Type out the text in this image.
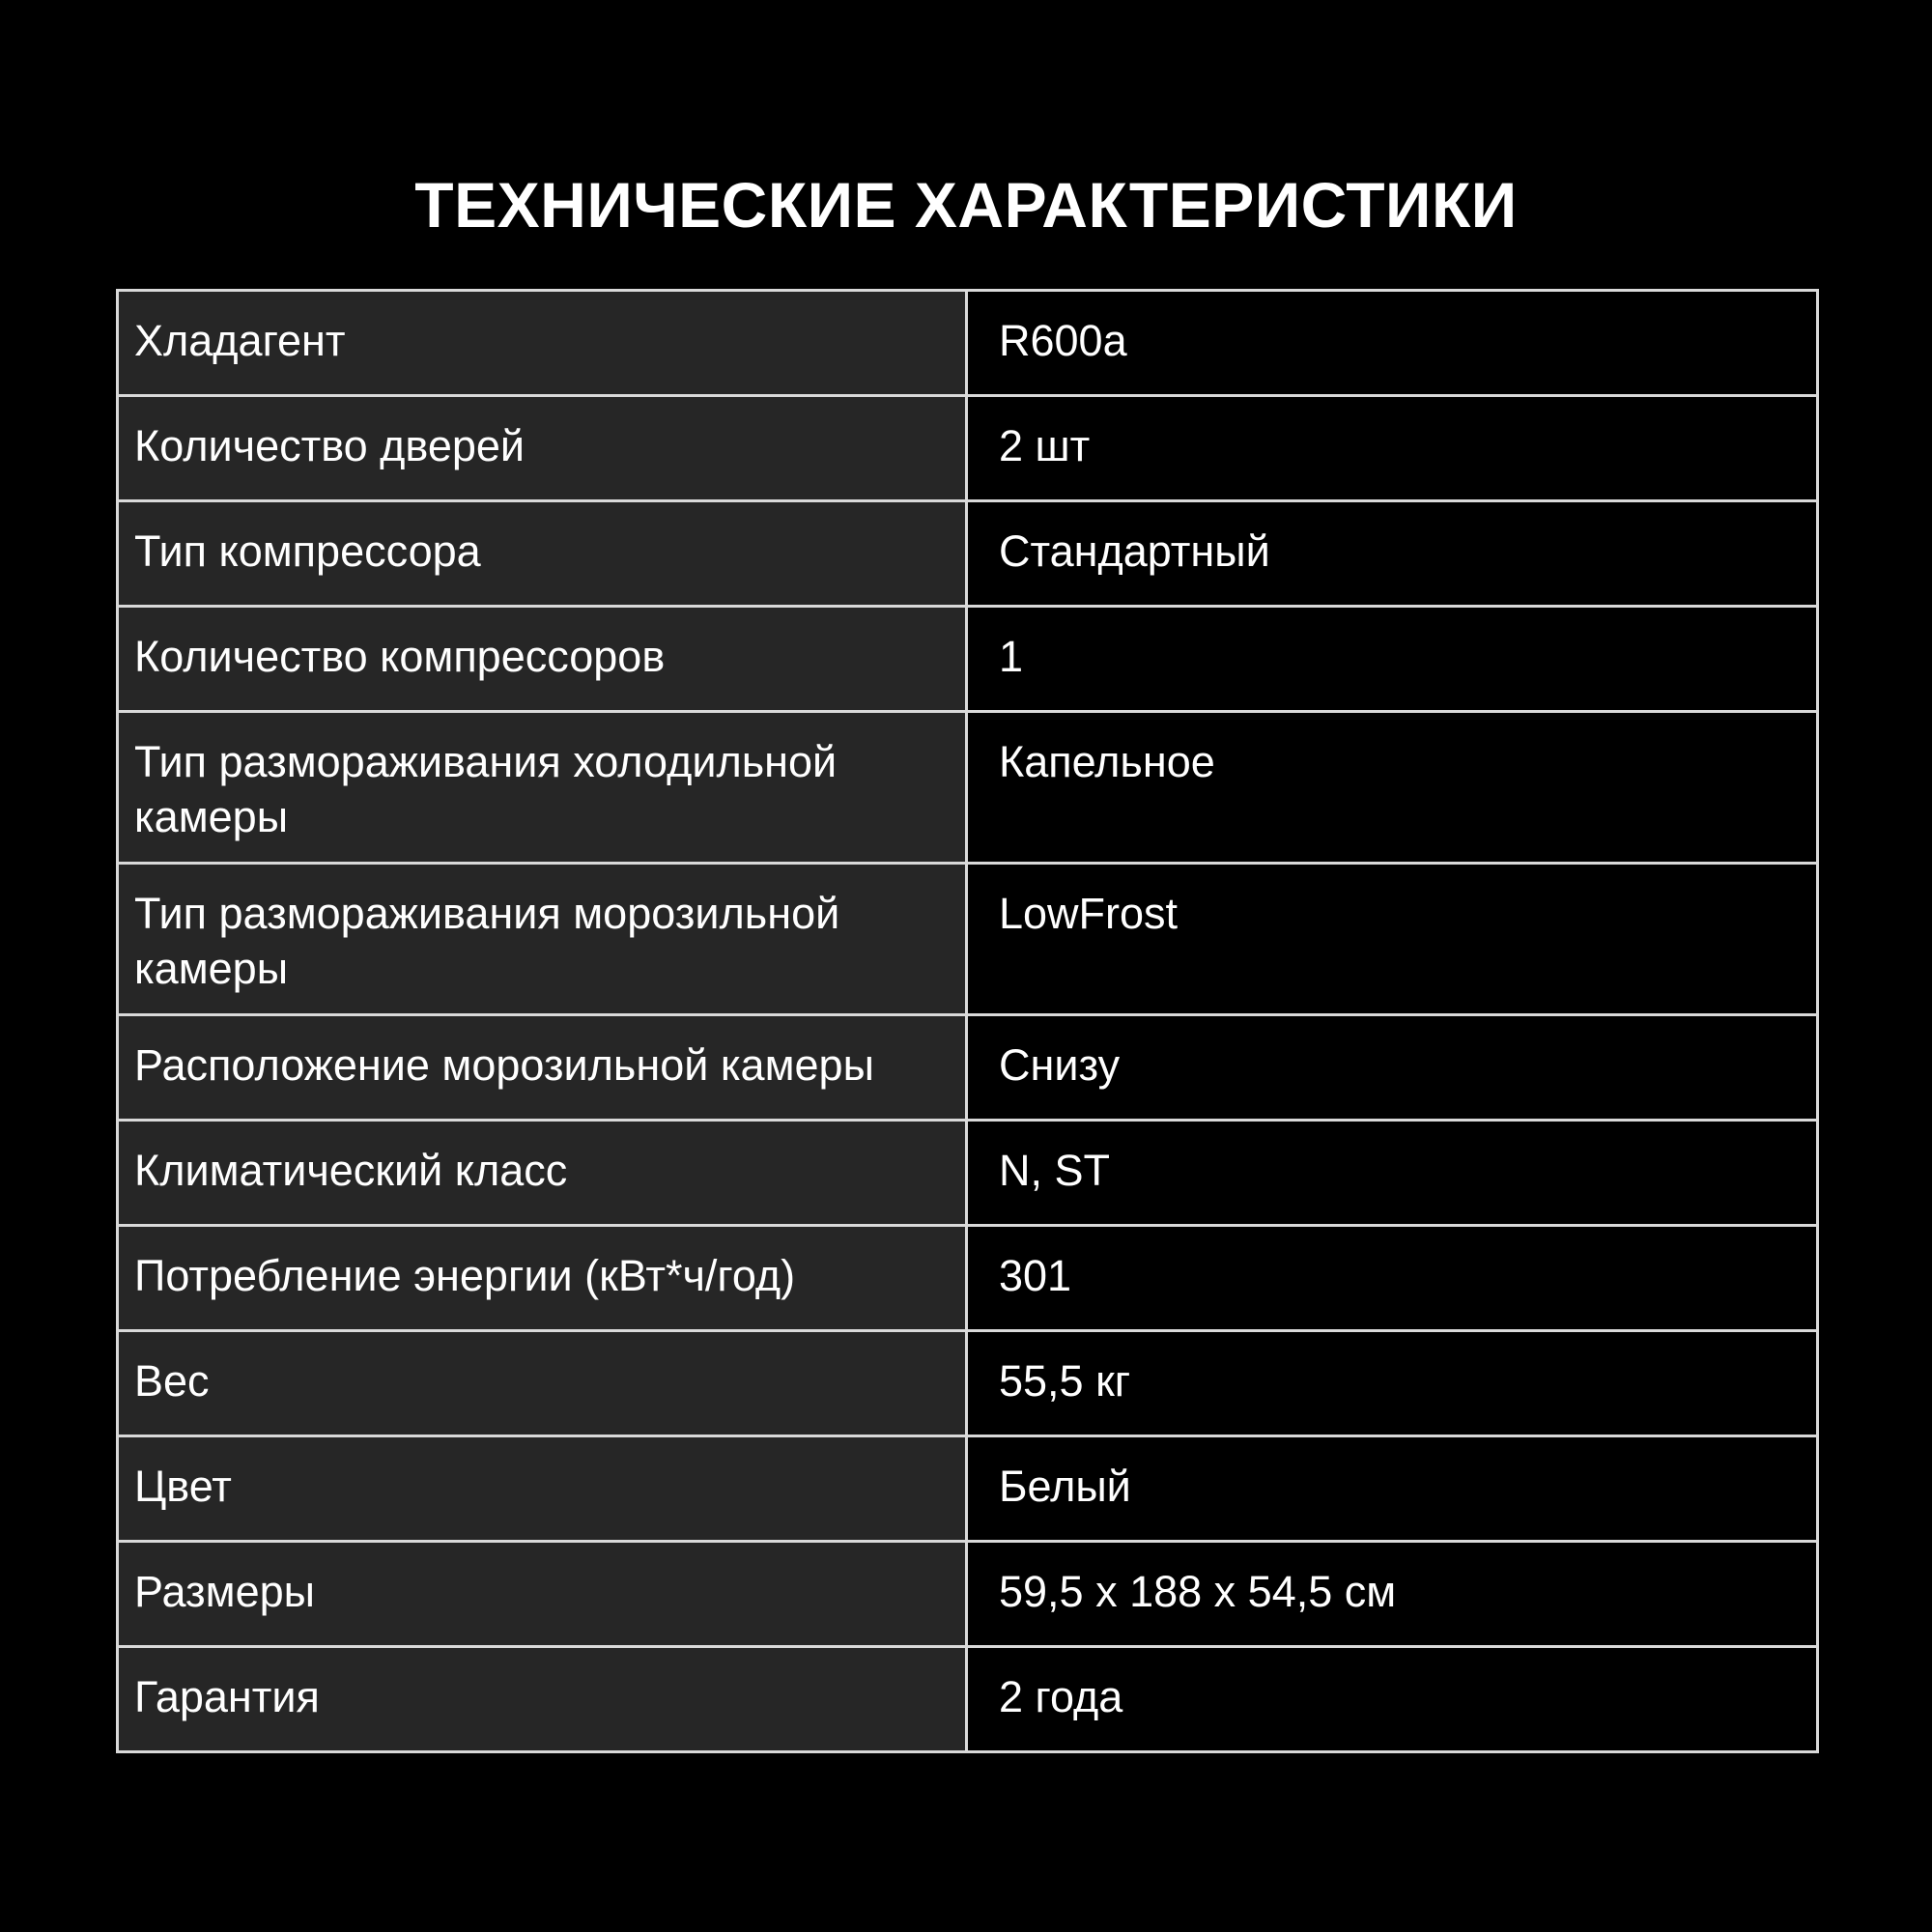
ТЕХНИЧЕСКИЕ ХАРАКТЕРИСТИКИ
Хладагент	R600a
Количество дверей	2 шт
Тип компрессора	Стандартный
Количество компрессоров	1
Тип размораживания холодильной камеры	Капельное
Тип размораживания морозильной камеры	LowFrost
Расположение морозильной камеры	Снизу
Климатический класс	N, ST
Потребление энергии (кВт*ч/год)	301
Вес	55,5 кг
Цвет	Белый
Размеры	59,5 х 188 х 54,5 см
Гарантия	2 года
